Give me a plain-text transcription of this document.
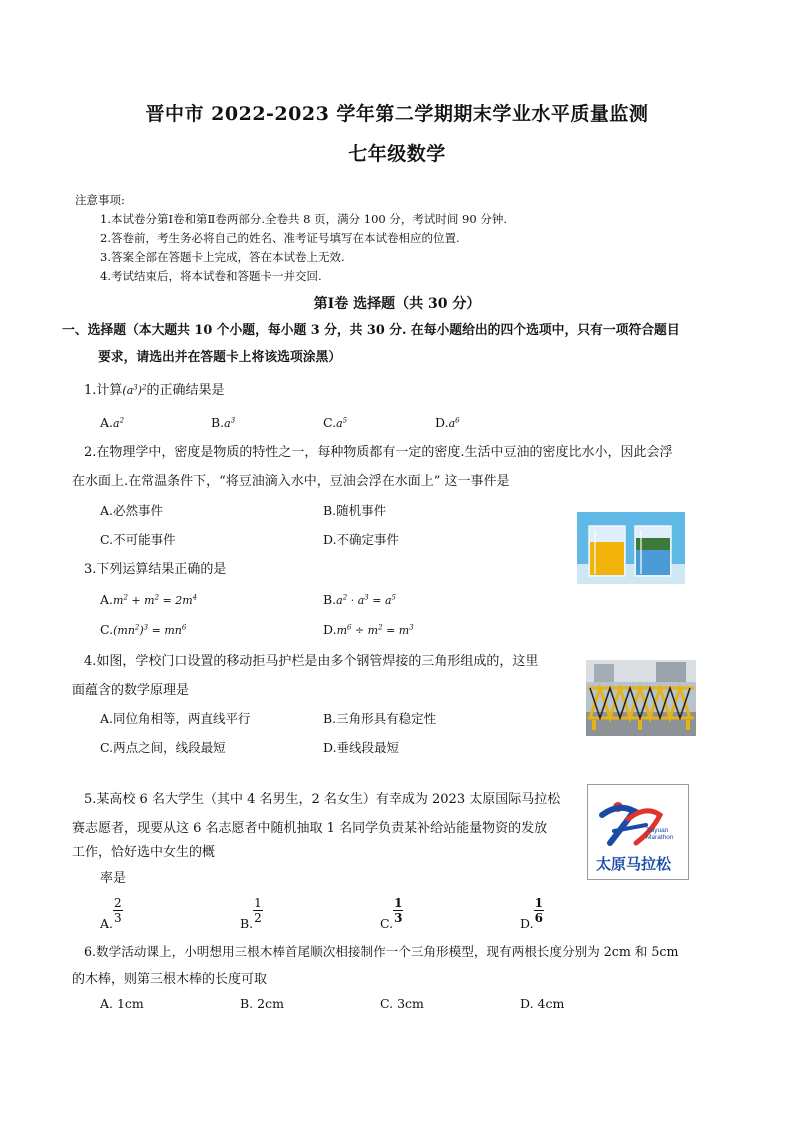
晋中市 2022-2023 学年第二学期期末学业水平质量监测
七年级数学
注意事项:
1.本试卷分第Ⅰ卷和第Ⅱ卷两部分.全卷共 8 页，满分 100 分，考试时间 90 分钟.
2.答卷前，考生务必将自己的姓名、准考证号填写在本试卷相应的位置.
3.答案全部在答题卡上完成，答在本试卷上无效.
4.考试结束后，将本试卷和答题卡一并交回.
第Ⅰ卷 选择题（共 30 分）
一、选择题（本大题共 10 个小题，每小题 3 分，共 30 分. 在每小题给出的四个选项中，只有一项符合题目
要求，请选出并在答题卡上将该选项涂黑）
1.计算$(a^3)^2$的正确结果是
$A.a^2$	$B.a^3$	$C.a^5$	$D.a^6$
2.在物理学中，密度是物质的特性之一，每种物质都有一定的密度.生活中豆油的密度比水小，因此会浮
在水面上.在常温条件下，“将豆油滴入水中，豆油会浮在水面上” 这一事件是
A.必然事件	B.随机事件
C.不可能事件	D.不确定事件
3.下列运算结果正确的是
$A.m^2 + m^2 = 2m^4$	$B.a^2 \cdot a^3 = a^5$
$C.(mn^2)^3 = mn^6$	$D.m^6 \div m^2 = m^3$
4.如图，学校门口设置的移动拒马护栏是由多个钢管焊接的三角形组成的，这里
面蕴含的数学原理是
A.同位角相等，两直线平行	B.三角形具有稳定性
C.两点之间，线段最短	D.垂线段最短
5.某高校 6 名大学生（其中 4 名男生，2 名女生）有幸成为 2023 太原国际马拉松
赛志愿者，现要从这 6 名志愿者中随机抽取 1 名同学负责某补给站能量物资的发放
工作，恰好选中女生的概
率是
Taiyuan
Marathon
太原马拉松
A. $\frac{2}{3}$	B. $\frac{1}{2}$	C. $\frac{1}{3}$	D. $\frac{1}{6}$
6.数学活动课上，小明想用三根木棒首尾顺次相接制作一个三角形模型，现有两根长度分别为 2cm 和 5cm
的木棒，则第三根木棒的长度可取
A. 1cm	B. 2cm	C. 3cm	D. 4cm
